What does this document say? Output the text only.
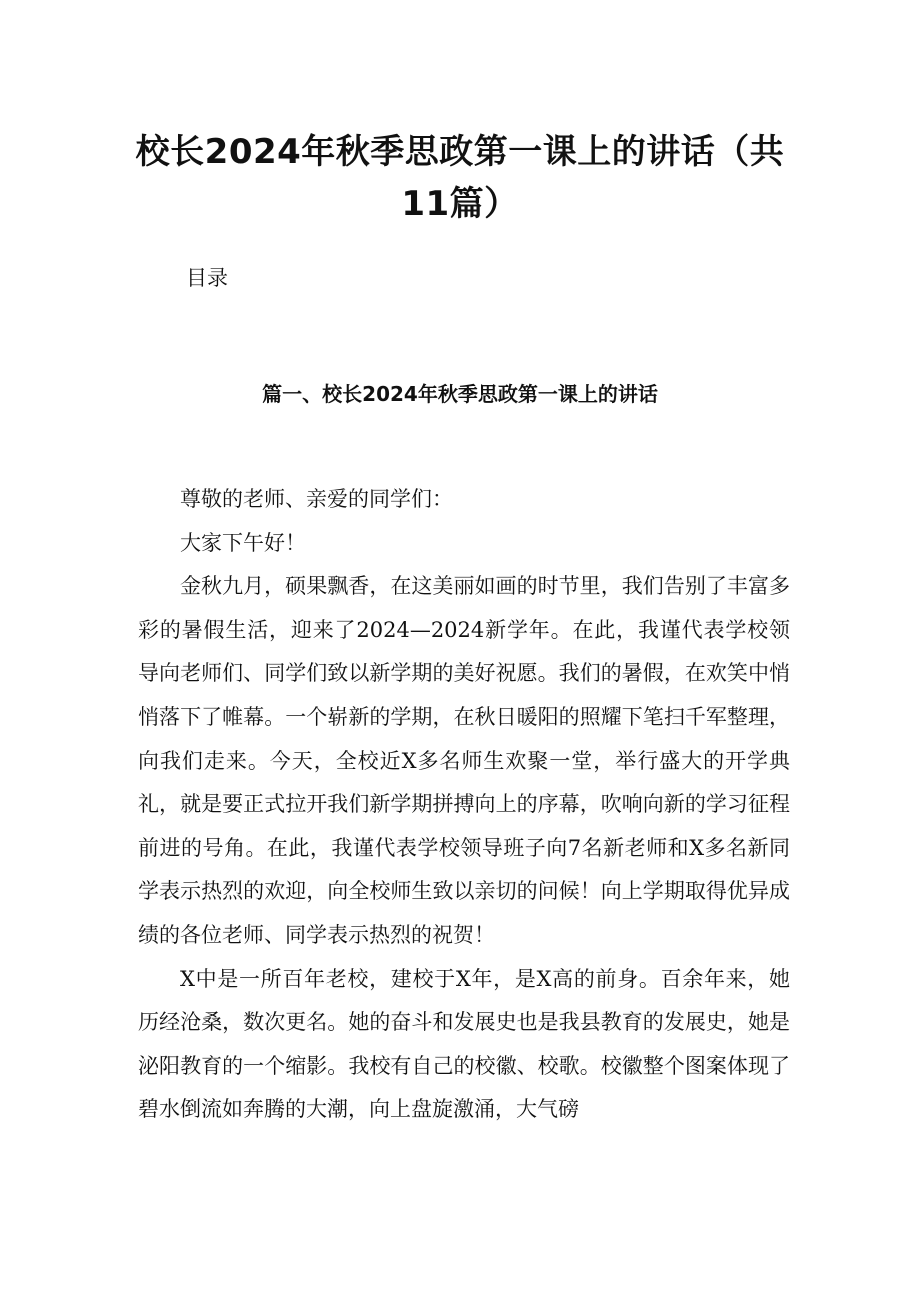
校长2024年秋季思政第一课上的讲话（共
11篇）

目录

篇一、校长2024年秋季思政第一课上的讲话

尊敬的老师、亲爱的同学们：

大家下午好！

金秋九月，硕果飘香，在这美丽如画的时节里，我们告别了丰富多彩的暑假生活，迎来了2024—2024新学年。在此，我谨代表学校领导向老师们、同学们致以新学期的美好祝愿。我们的暑假，在欢笑中悄悄落下了帷幕。一个崭新的学期，在秋日暖阳的照耀下笔扫千军整理，向我们走来。今天，全校近X多名师生欢聚一堂，举行盛大的开学典礼，就是要正式拉开我们新学期拼搏向上的序幕，吹响向新的学习征程前进的号角。在此，我谨代表学校领导班子向7名新老师和X多名新同学表示热烈的欢迎，向全校师生致以亲切的问候！向上学期取得优异成绩的各位老师、同学表示热烈的祝贺！

X中是一所百年老校，建校于X年，是X高的前身。百余年来，她历经沧桑，数次更名。她的奋斗和发展史也是我县教育的发展史，她是泌阳教育的一个缩影。我校有自己的校徽、校歌。校徽整个图案体现了碧水倒流如奔腾的大潮，向上盘旋激涌，大气磅
